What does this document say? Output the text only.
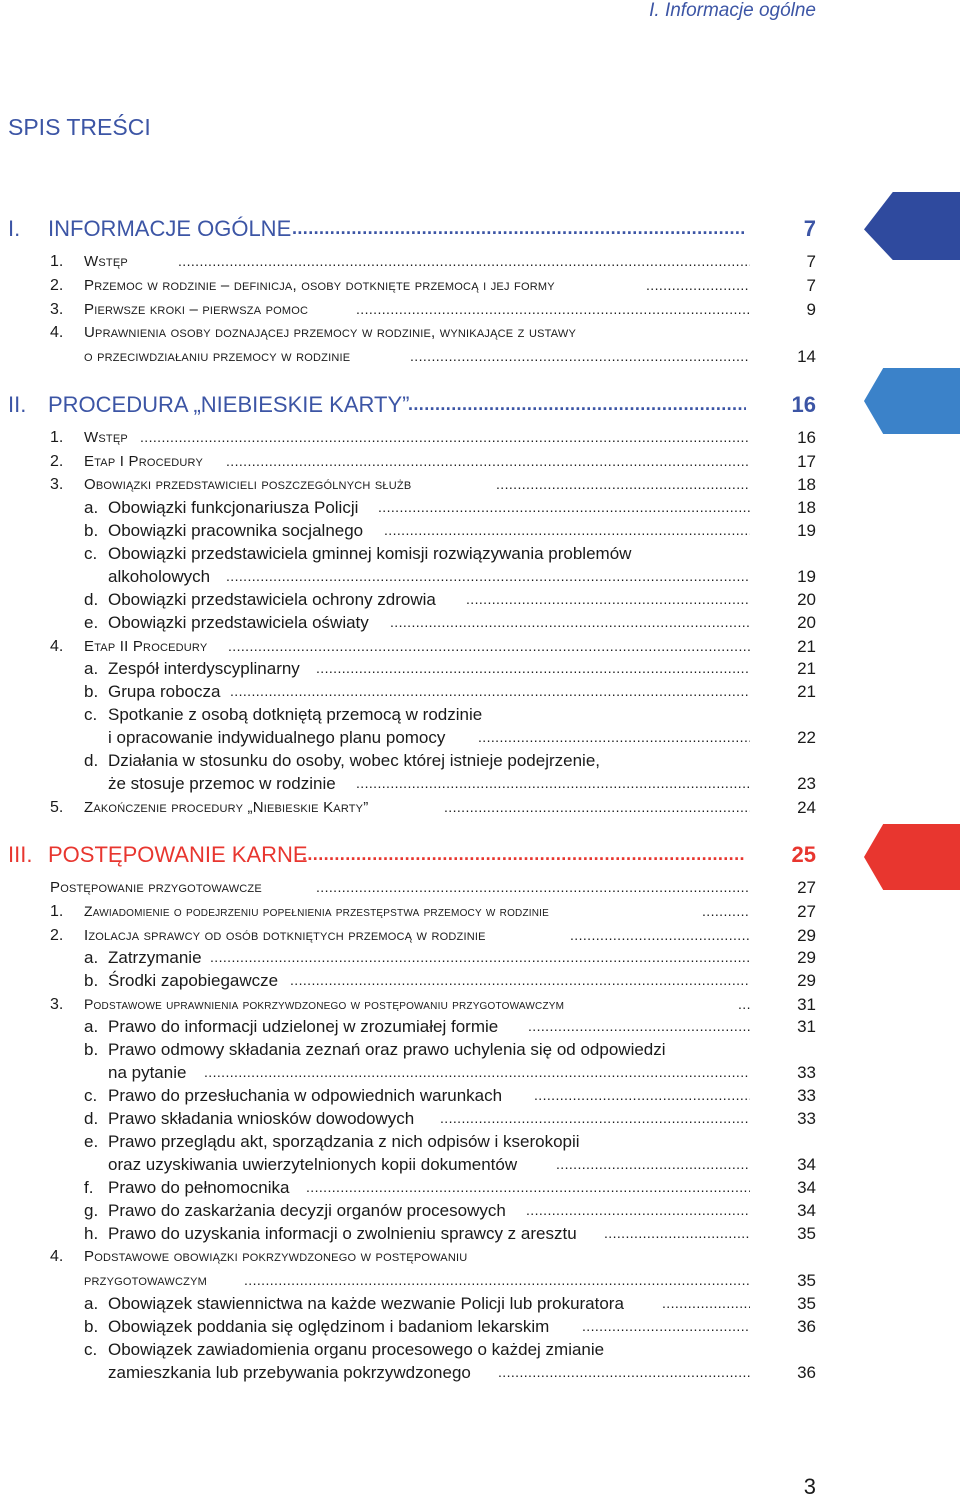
I. Informacje ogólne
SPIS TREŚCI
I. INFORMACJE OGÓLNE .....	7
1. Wstęp .....	7
2. Przemoc w rodzinie – definicja, osoby dotknięte przemocą i jej formy .....	7
3. Pierwsze kroki – pierwsza pomoc .....	9
4. Uprawnienia osoby doznającej przemocy w rodzinie, wynikające z ustawy
o przeciwdziałaniu przemocy w rodzinie .....	14
II. PROCEDURA „NIEBIESKIE KARTY” .....	16
1. Wstęp .....	16
2. Etap I Procedury .....	17
3. Obowiązki przedstawicieli poszczególnych służb .....	18
a. Obowiązki funkcjonariusza Policji .....	18
b. Obowiązki pracownika socjalnego .....	19
c. Obowiązki przedstawiciela gminnej komisji rozwiązywania problemów
alkoholowych .....	19
d. Obowiązki przedstawiciela ochrony zdrowia .....	20
e. Obowiązki przedstawiciela oświaty .....	20
4. Etap II Procedury .....	21
a. Zespół interdyscyplinarny .....	21
b. Grupa robocza .....	21
c. Spotkanie z osobą dotkniętą przemocą w rodzinie
i opracowanie indywidualnego planu pomocy .....	22
d. Działania w stosunku do osoby, wobec której istnieje podejrzenie,
że stosuje przemoc w rodzinie .....	23
5. Zakończenie procedury „Niebieskie Karty” .....	24
III. POSTĘPOWANIE KARNE .....	25
Postępowanie przygotowawcze .....	27
1. Zawiadomienie o podejrzeniu popełnienia przestępstwa przemocy w rodzinie .....	27
2. Izolacja sprawcy od osób dotkniętych przemocą w rodzinie .....	29
a. Zatrzymanie .....	29
b. Środki zapobiegawcze .....	29
3. Podstawowe uprawnienia pokrzywdzonego w postępowaniu przygotowawczym .....	31
a. Prawo do informacji udzielonej w zrozumiałej formie .....	31
b. Prawo odmowy składania zeznań oraz prawo uchylenia się od odpowiedzi
na pytanie .....	33
c. Prawo do przesłuchania w odpowiednich warunkach .....	33
d. Prawo składania wniosków dowodowych .....	33
e. Prawo przeglądu akt, sporządzania z nich odpisów i kserokopii
oraz uzyskiwania uwierzytelnionych kopii dokumentów .....	34
f. Prawo do pełnomocnika .....	34
g. Prawo do zaskarżania decyzji organów procesowych .....	34
h. Prawo do uzyskania informacji o zwolnieniu sprawcy z aresztu .....	35
4. Podstawowe obowiązki pokrzywdzonego w postępowaniu
przygotowawczym .....	35
a. Obowiązek stawiennictwa na każde wezwanie Policji lub prokuratora .....	35
b. Obowiązek poddania się oględzinom i badaniom lekarskim .....	36
c. Obowiązek zawiadomienia organu procesowego o każdej zmianie
zamieszkania lub przebywania pokrzywdzonego .....	36
3
